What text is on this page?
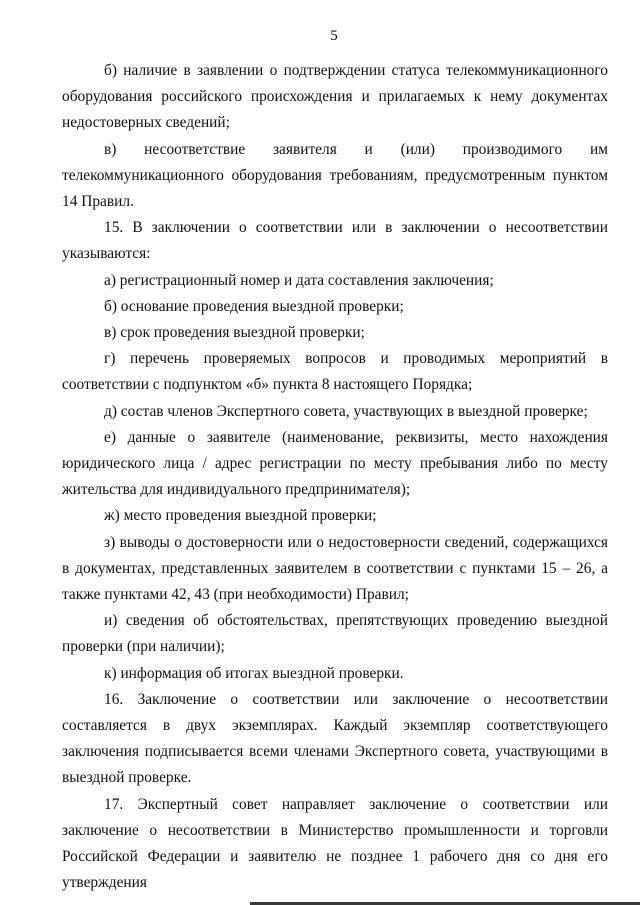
5

б) наличие в заявлении о подтверждении статуса телекоммуникационного оборудования российского происхождения и прилагаемых к нему документах недостоверных сведений;

в) несоответствие заявителя и (или) производимого им телекоммуникационного оборудования требованиям, предусмотренным пунктом 14 Правил.

15. В заключении о соответствии или в заключении о несоответствии указываются:

а) регистрационный номер и дата составления заключения;

б) основание проведения выездной проверки;

в) срок проведения выездной проверки;

г) перечень проверяемых вопросов и проводимых мероприятий в соответствии с подпунктом «б» пункта 8 настоящего Порядка;

д) состав членов Экспертного совета, участвующих в выездной проверке;

е) данные о заявителе (наименование, реквизиты, место нахождения юридического лица / адрес регистрации по месту пребывания либо по месту жительства для индивидуального предпринимателя);

ж) место проведения выездной проверки;

з) выводы о достоверности или о недостоверности сведений, содержащихся в документах, представленных заявителем в соответствии с пунктами 15 – 26, а также пунктами 42, 43 (при необходимости) Правил;

и) сведения об обстоятельствах, препятствующих проведению выездной проверки (при наличии);

к) информация об итогах выездной проверки.

16. Заключение о соответствии или заключение о несоответствии составляется в двух экземплярах. Каждый экземпляр соответствующего заключения подписывается всеми членами Экспертного совета, участвующими в выездной проверке.

17. Экспертный совет направляет заключение о соответствии или заключение о несоответствии в Министерство промышленности и торговли Российской Федерации и заявителю не позднее 1 рабочего дня со дня его утверждения
